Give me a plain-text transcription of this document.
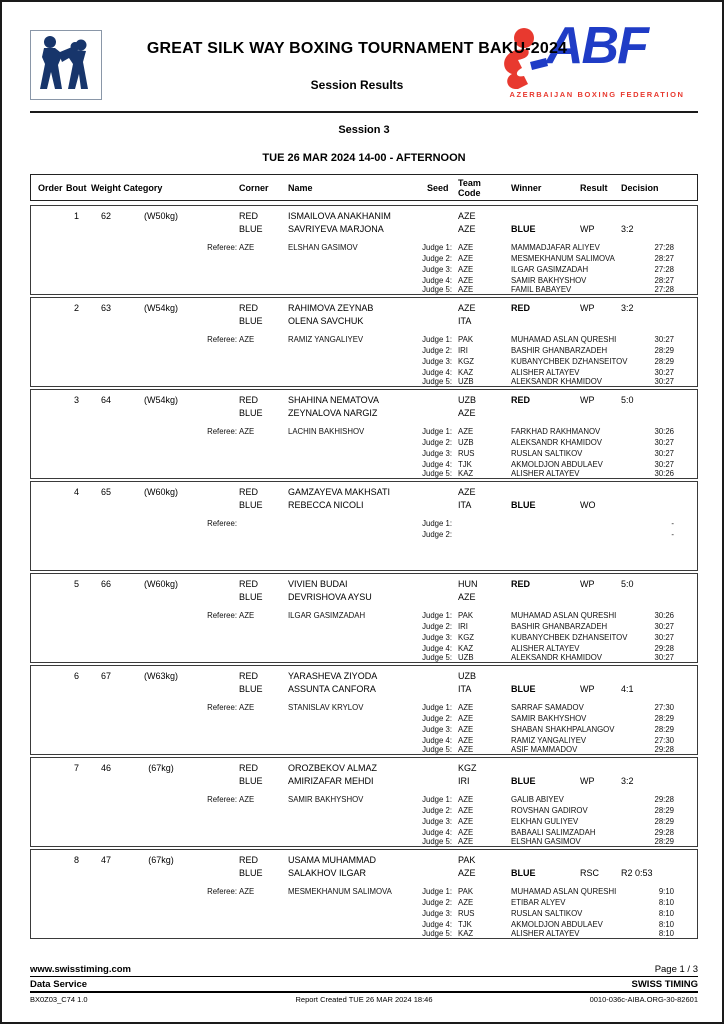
GREAT SILK WAY BOXING TOURNAMENT BAKU-2024
Session Results
ABF
AZERBAIJAN BOXING FEDERATION
Session 3
TUE 26 MAR 2024 14-00 - AFTERNOON
Order Bout Weight Category	Corner Name	Seed Team
Code	Winner	Result Decision
1	62	(W50kg)	RED	ISMAILOVA ANAKHANIM	AZE
BLUE	SAVRIYEVA MARJONA	AZE	BLUE	WP	3:2
Referee: AZE	ELSHAN GASIMOV	Judge 1: AZE	MAMMADJAFAR ALIYEV	27:28
Judge 2: AZE	MESMEKHANUM SALIMOVA	28:27
Judge 3: AZE	ILGAR GASIMZADAH	27:28
Judge 4: AZE	SAMIR BAKHYSHOV	28:27
Judge 5: AZE	FAMIL BABAYEV	27:28
2	63	(W54kg)	RED	RAHIMOVA ZEYNAB	AZE	RED	WP	3:2
BLUE	OLENA SAVCHUK	ITA
Referee: AZE	RAMIZ YANGALIYEV	Judge 1: PAK	MUHAMAD ASLAN QURESHI	30:27
Judge 2: IRI	BASHIR GHANBARZADEH	28:29
Judge 3: KGZ	KUBANYCHBEK DZHANSEITOV	28:29
Judge 4: KAZ	ALISHER ALTAYEV	30:27
Judge 5: UZB	ALEKSANDR KHAMIDOV	30:27
3	64	(W54kg)	RED	SHAHINA NEMATOVA	UZB	RED	WP	5:0
BLUE	ZEYNALOVA NARGIZ	AZE
Referee: AZE	LACHIN BAKHISHOV	Judge 1: AZE	FARKHAD RAKHMANOV	30:26
Judge 2: UZB	ALEKSANDR KHAMIDOV	30:27
Judge 3: RUS	RUSLAN SALTIKOV	30:27
Judge 4: TJK	AKMOLDJON ABDULAEV	30:27
Judge 5: KAZ	ALISHER ALTAYEV	30:26
4	65	(W60kg)	RED	GAMZAYEVA MAKHSATI	AZE
BLUE	REBECCA NICOLI	ITA	BLUE	WO
Referee:	Judge 1:	-
Judge 2:	-
5	66	(W60kg)	RED	VIVIEN BUDAI	HUN	RED	WP	5:0
BLUE	DEVRISHOVA AYSU	AZE
Referee: AZE	ILGAR GASIMZADAH	Judge 1: PAK	MUHAMAD ASLAN QURESHI	30:26
Judge 2: IRI	BASHIR GHANBARZADEH	30:27
Judge 3: KGZ	KUBANYCHBEK DZHANSEITOV	30:27
Judge 4: KAZ	ALISHER ALTAYEV	29:28
Judge 5: UZB	ALEKSANDR KHAMIDOV	30:27
6	67	(W63kg)	RED	YARASHEVA ZIYODA	UZB
BLUE	ASSUNTA CANFORA	ITA	BLUE	WP	4:1
Referee: AZE	STANISLAV KRYLOV	Judge 1: AZE	SARRAF SAMADOV	27:30
Judge 2: AZE	SAMIR BAKHYSHOV	28:29
Judge 3: AZE	SHABAN SHAKHPALANGOV	28:29
Judge 4: AZE	RAMIZ YANGALIYEV	27:30
Judge 5: AZE	ASIF MAMMADOV	29:28
7	46	(67kg)	RED	OROZBEKOV ALMAZ	KGZ
BLUE	AMIRIZAFAR MEHDI	IRI	BLUE	WP	3:2
Referee: AZE	SAMIR BAKHYSHOV	Judge 1: AZE	GALIB ABIYEV	29:28
Judge 2: AZE	ROVSHAN GADIROV	28:29
Judge 3: AZE	ELKHAN GULIYEV	28:29
Judge 4: AZE	BABAALI SALIMZADAH	29:28
Judge 5: AZE	ELSHAN GASIMOV	28:29
8	47	(67kg)	RED	USAMA MUHAMMAD	PAK
BLUE	SALAKHOV ILGAR	AZE	BLUE	RSC R2 0:53
Referee: AZE	MESMEKHANUM SALIMOVA	Judge 1: PAK	MUHAMAD ASLAN QURESHI	9:10
Judge 2: AZE	ETIBAR ALYEV	8:10
Judge 3: RUS	RUSLAN SALTIKOV	8:10
Judge 4: TJK	AKMOLDJON ABDULAEV	8:10
Judge 5: KAZ	ALISHER ALTAYEV	8:10
www.swisstiming.com	Page 1 / 3
Data Service	SWISS TIMING
BX0Z03_C74 1.0	Report Created TUE 26 MAR 2024 18:46	0010-036c-AIBA.ORG-30-82601
